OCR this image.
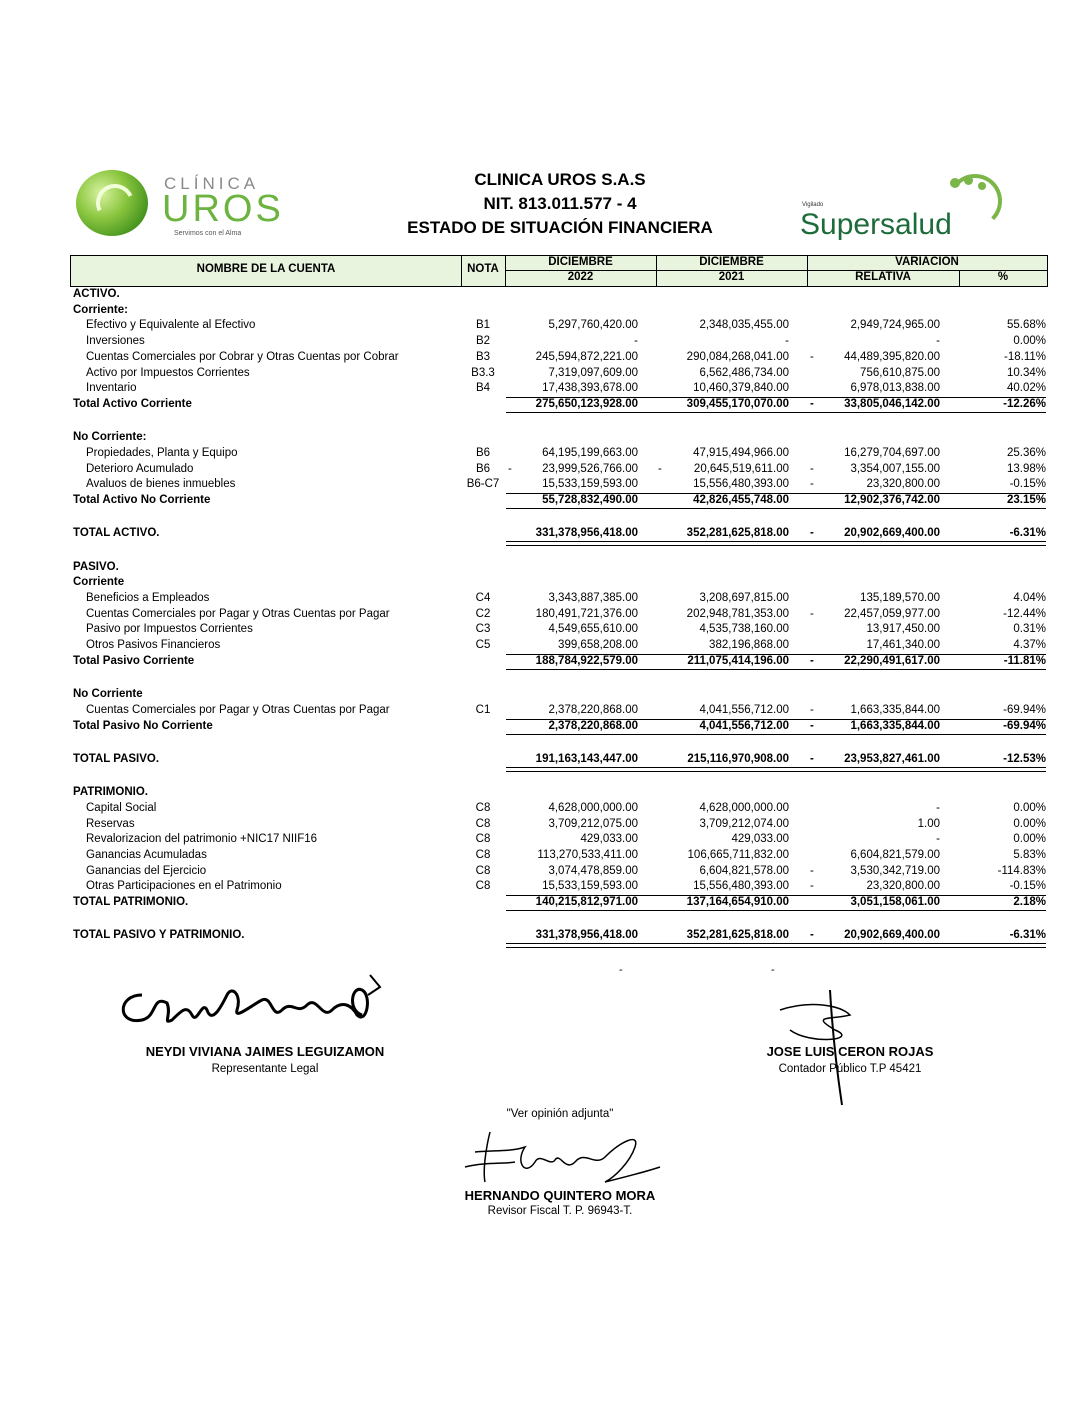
CLÍNICA
UROS
Servimos con el Alma
CLINICA UROS S.A.S
NIT. 813.011.577 - 4
ESTADO DE SITUACIÓN FINANCIERA
Vigilado
Supersalud
NOMBRE DE LA CUENTA	NOTA
DICIEMBRE
2022
DICIEMBRE
2021
VARIACION
RELATIVA	%
ACTIVO.
Corriente:
Efectivo y Equivalente al Efectivo	B1	5,297,760,420.00	2,348,035,455.00	2,949,724,965.00	55.68%
Inversiones	B2	-	-	-	0.00%
Cuentas Comerciales por Cobrar y Otras Cuentas por Cobrar	B3	245,594,872,221.00	290,084,268,041.00 -	44,489,395,820.00	-18.11%
Activo por Impuestos Corrientes	B3.3	7,319,097,609.00	6,562,486,734.00	756,610,875.00	10.34%
Inventario	B4	17,438,393,678.00	10,460,379,840.00	6,978,013,838.00	40.02%
Total Activo Corriente	275,650,123,928.00	309,455,170,070.00 -	33,805,046,142.00	-12.26%
No Corriente:
Propiedades, Planta y Equipo	B6	64,195,199,663.00	47,915,494,966.00	16,279,704,697.00	25.36%
Deterioro Acumulado	B6	-	23,999,526,766.00 -	20,645,519,611.00 -	3,354,007,155.00	13.98%
Avaluos de bienes inmuebles	B6-C7	15,533,159,593.00	15,556,480,393.00 -	23,320,800.00	-0.15%
Total Activo No Corriente	55,728,832,490.00	42,826,455,748.00	12,902,376,742.00	23.15%
TOTAL ACTIVO.	331,378,956,418.00	352,281,625,818.00 -	20,902,669,400.00	-6.31%
PASIVO.
Corriente
Beneficios a Empleados	C4	3,343,887,385.00	3,208,697,815.00	135,189,570.00	4.04%
Cuentas Comerciales por Pagar y Otras Cuentas por Pagar	C2	180,491,721,376.00	202,948,781,353.00 -	22,457,059,977.00	-12.44%
Pasivo por Impuestos Corrientes	C3	4,549,655,610.00	4,535,738,160.00	13,917,450.00	0.31%
Otros Pasivos Financieros	C5	399,658,208.00	382,196,868.00	17,461,340.00	4.37%
Total Pasivo Corriente	188,784,922,579.00	211,075,414,196.00 -	22,290,491,617.00	-11.81%
No Corriente
Cuentas Comerciales por Pagar y Otras Cuentas por Pagar	C1	2,378,220,868.00	4,041,556,712.00 -	1,663,335,844.00	-69.94%
Total Pasivo No Corriente	2,378,220,868.00	4,041,556,712.00 -	1,663,335,844.00	-69.94%
TOTAL PASIVO.	191,163,143,447.00	215,116,970,908.00 -	23,953,827,461.00	-12.53%
PATRIMONIO.
Capital Social	C8	4,628,000,000.00	4,628,000,000.00	-	0.00%
Reservas	C8	3,709,212,075.00	3,709,212,074.00	1.00	0.00%
Revalorizacion del patrimonio +NIC17 NIIF16	C8	429,033.00	429,033.00	-	0.00%
Ganancias Acumuladas	C8	113,270,533,411.00	106,665,711,832.00	6,604,821,579.00	5.83%
Ganancias del Ejercicio	C8	3,074,478,859.00	6,604,821,578.00 -	3,530,342,719.00	-114.83%
Otras Participaciones en el Patrimonio	C8	15,533,159,593.00	15,556,480,393.00 -	23,320,800.00	-0.15%
TOTAL PATRIMONIO.	140,215,812,971.00	137,164,654,910.00	3,051,158,061.00	2.18%
TOTAL PASIVO Y PATRIMONIO.	331,378,956,418.00	352,281,625,818.00 -	20,902,669,400.00	-6.31%
-	-
NEYDI VIVIANA JAIMES LEGUIZAMON
Representante Legal
JOSE LUIS CERON ROJAS
Contador Público T.P 45421
"Ver opinión adjunta"
HERNANDO QUINTERO MORA
Revisor Fiscal T. P. 96943-T.
